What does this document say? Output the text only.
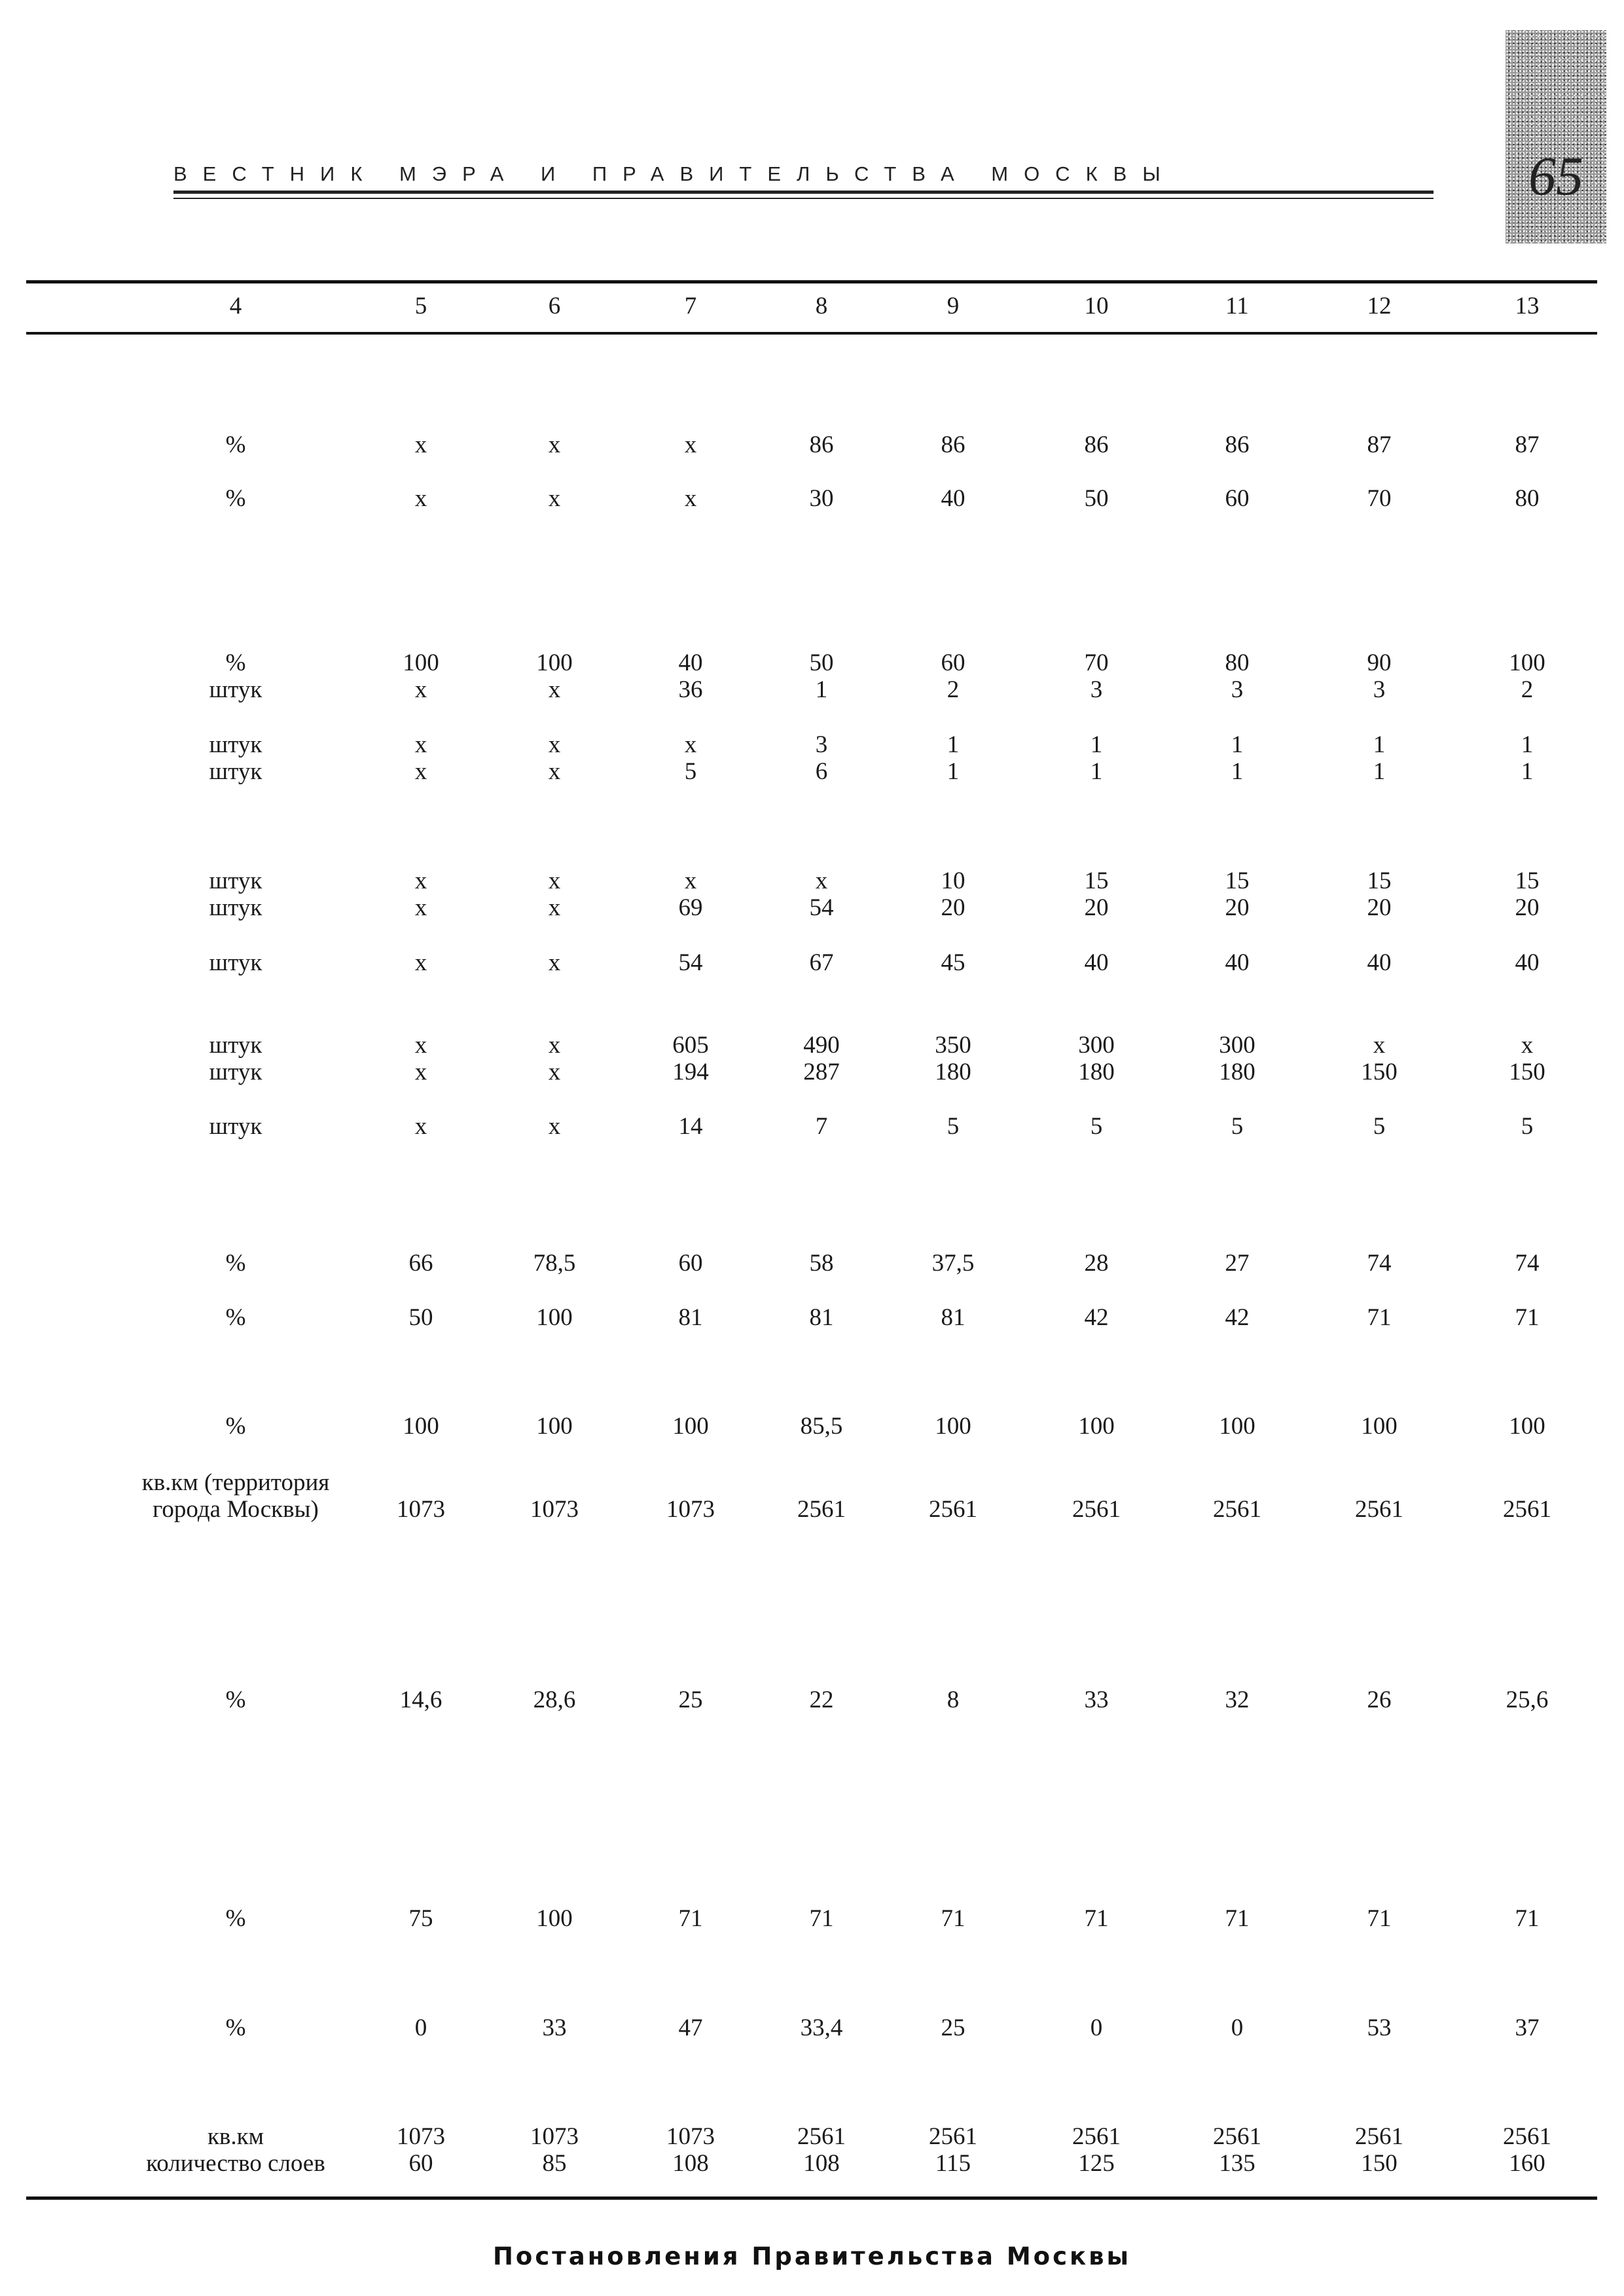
ВЕСТНИК МЭРА И ПРАВИТЕЛЬСТВА МОСКВЫ	65
4	5	6	7	8	9	10	11	12	13
%	x	x	x	86	86	86	86	87	87
%	x	x	x	30	40	50	60	70	80
%	100	100	40	50	60	70	80	90	100
штук	x	x	36	1	2	3	3	3	2
штук	x	x	x	3	1	1	1	1	1
штук	x	x	5	6	1	1	1	1	1
штук	x	x	x	x	10	15	15	15	15
штук	x	x	69	54	20	20	20	20	20
штук	x	x	54	67	45	40	40	40	40
штук	x	x	605	490	350	300	300	x	x
штук	x	x	194	287	180	180	180	150	150
штук	x	x	14	7	5	5	5	5	5
%	66	78,5	60	58	37,5	28	27	74	74
%	50	100	81	81	81	42	42	71	71
%	100	100	100	85,5	100	100	100	100	100
кв.км (территория
города Москвы)	1073	1073	1073	2561	2561	2561	2561	2561	2561
%	14,6	28,6	25	22	8	33	32	26	25,6
%	75	100	71	71	71	71	71	71	71
%	0	33	47	33,4	25	0	0	53	37
кв.км	1073	1073	1073	2561	2561	2561	2561	2561	2561
количество слоев	60	85	108	108	115	125	135	150	160
Постановления Правительства Москвы
